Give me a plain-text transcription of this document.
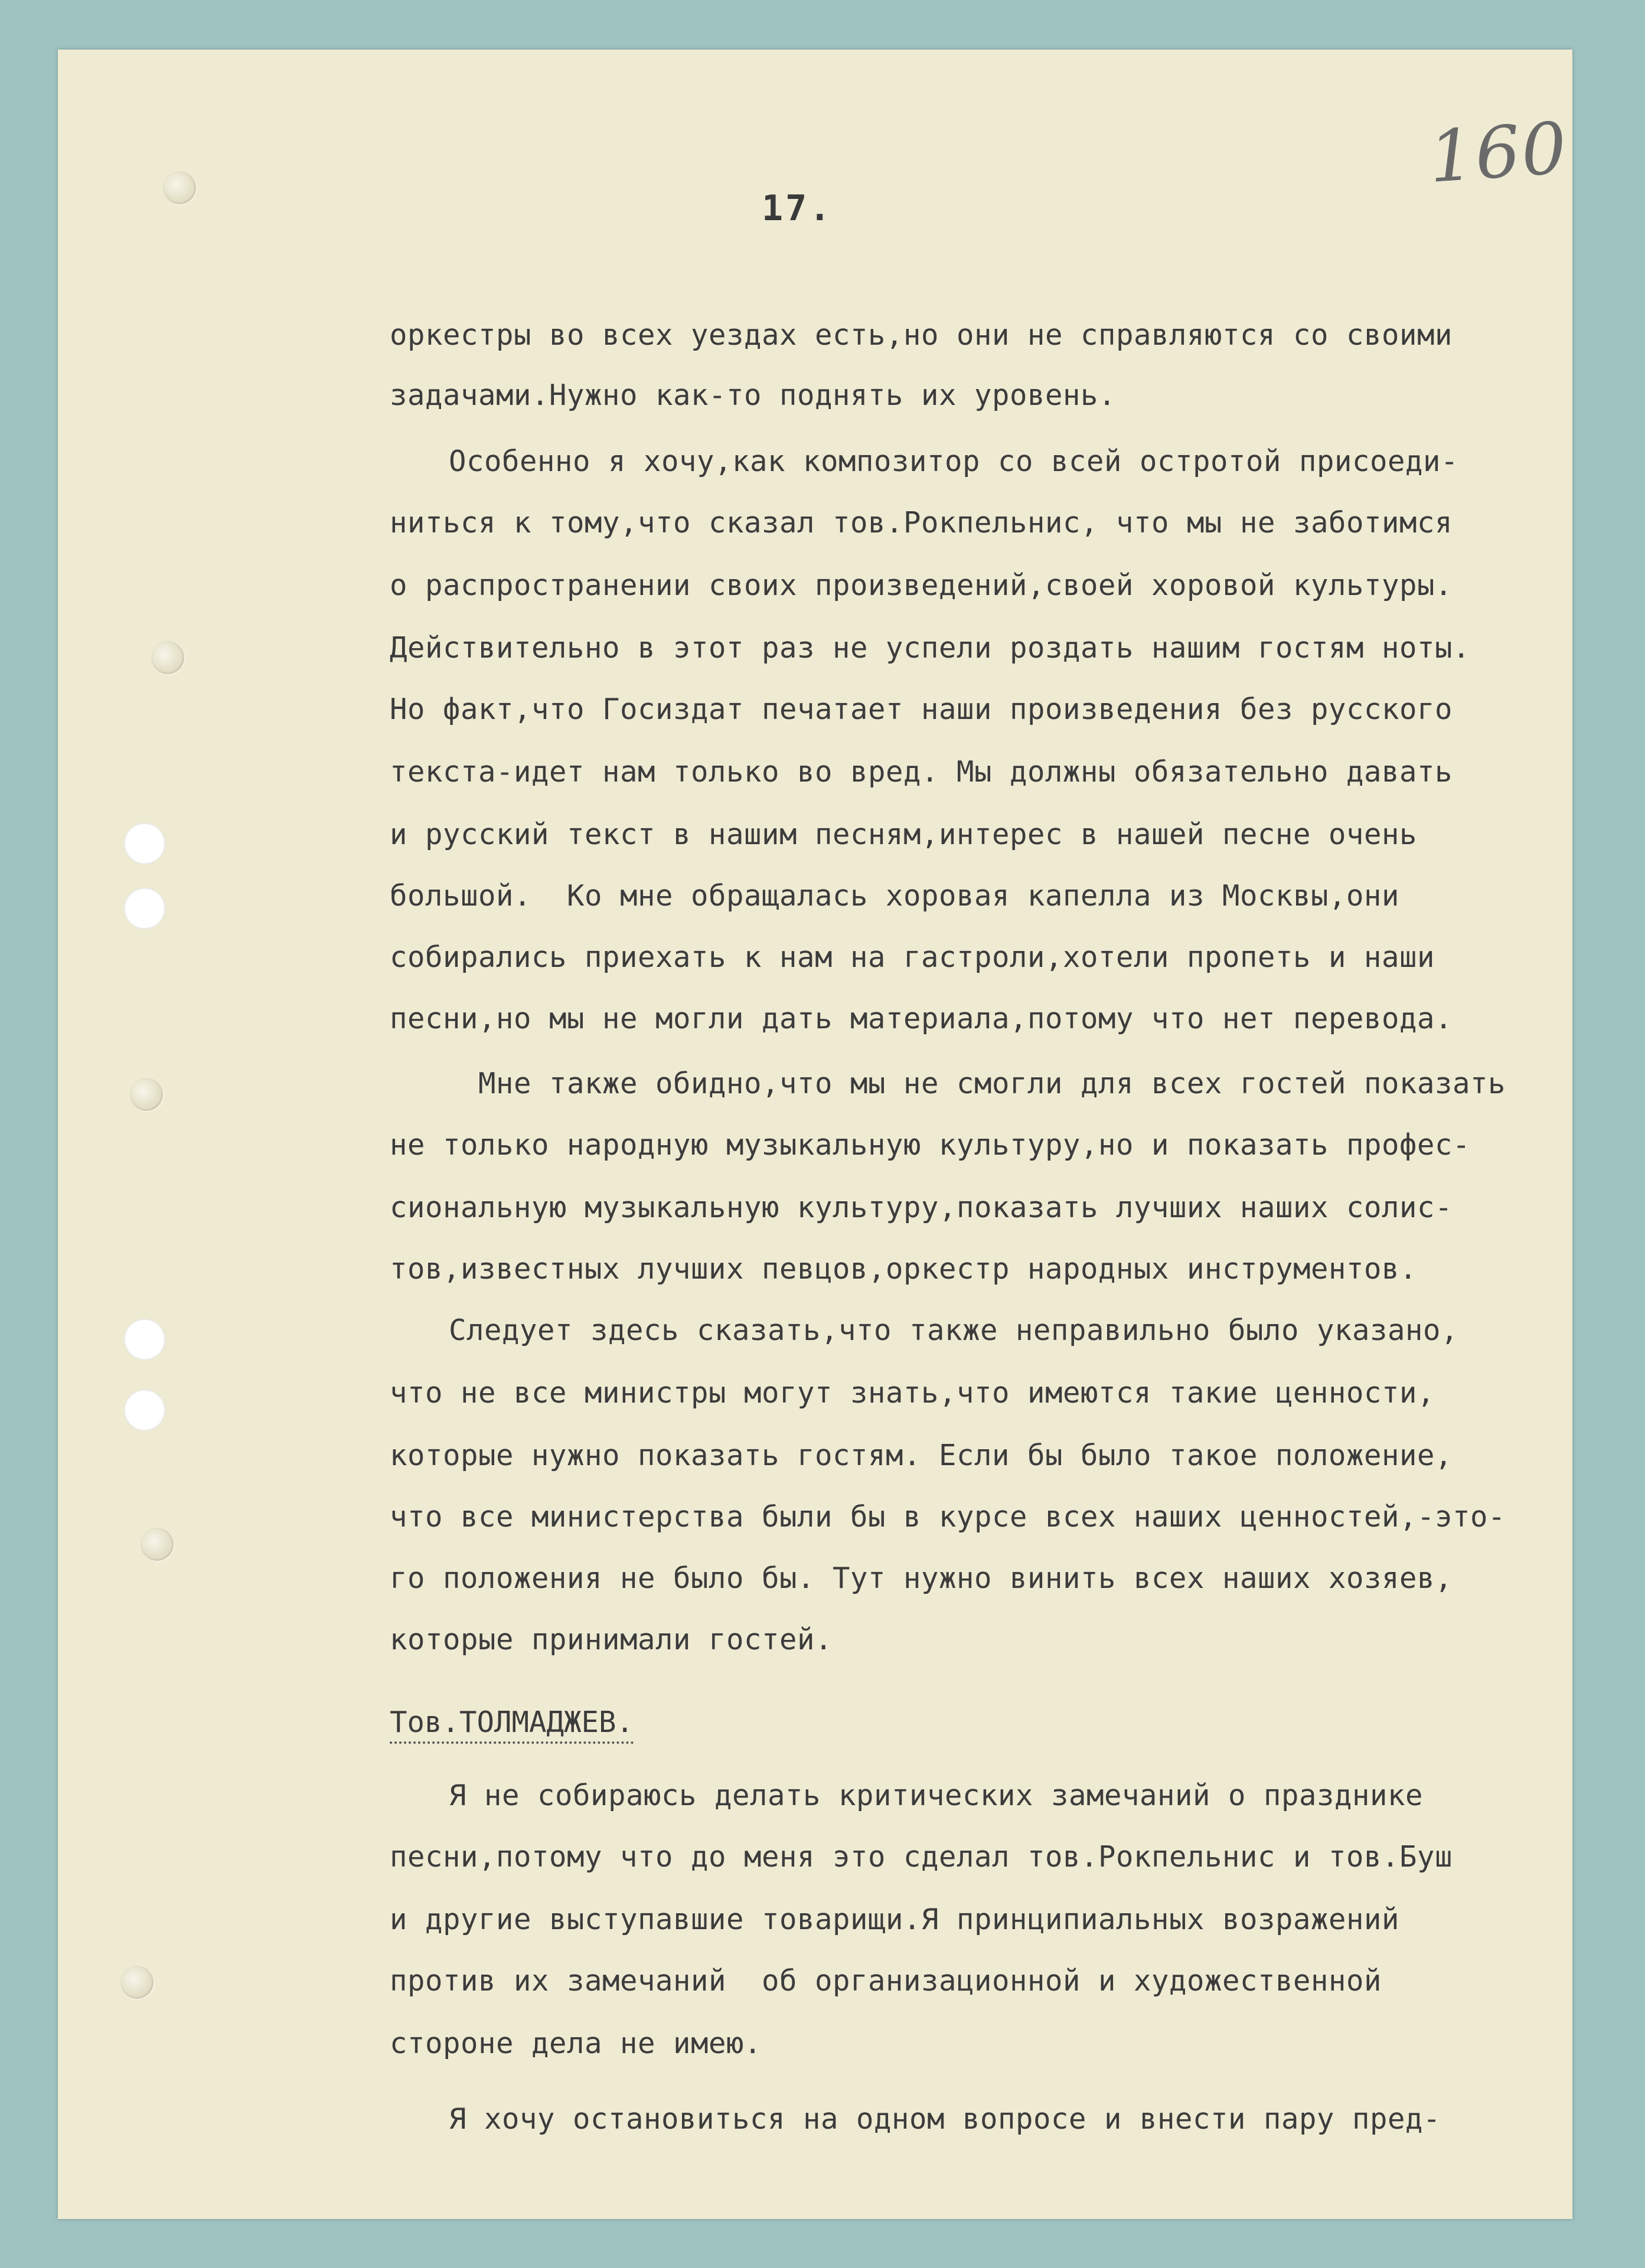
160
17.
оркестры во всех уездах есть,но они не справляются со своими
задачами.Нужно как-то поднять их уровень.
Особенно я хочу,как композитор со всей остротой присоеди-
ниться к тому,что сказал тов.Рокпельнис, что мы не заботимся
о распространении своих произведений,своей хоровой культуры.
Действительно в этот раз не успели роздать нашим гостям ноты.
Но факт,что Госиздат печатает наши произведения без русского
текста-идет нам только во вред. Мы должны обязательно давать
и русский текст в нашим песням,интерес в нашей песне очень
большой.  Ко мне обращалась хоровая капелла из Москвы,они
собирались приехать к нам на гастроли,хотели пропеть и наши
песни,но мы не могли дать материала,потому что нет перевода.
Мне также обидно,что мы не смогли для всех гостей показать
не только народную музыкальную культуру,но и показать профес-
сиональную музыкальную культуру,показать лучших наших солис-
тов,известных лучших певцов,оркестр народных инструментов.
Следует здесь сказать,что также неправильно было указано,
что не все министры могут знать,что имеются такие ценности,
которые нужно показать гостям. Если бы было такое положение,
что все министерства были бы в курсе всех наших ценностей,-это-
го положения не было бы. Тут нужно винить всех наших хозяев,
которые принимали гостей.
Тов.ТОЛМАДЖЕВ.
Я не собираюсь делать критических замечаний о празднике
песни,потому что до меня это сделал тов.Рокпельнис и тов.Буш
и другие выступавшие товарищи.Я принципиальных возражений
против их замечаний  об организационной и художественной
стороне дела не имею.
Я хочу остановиться на одном вопросе и внести пару пред-
